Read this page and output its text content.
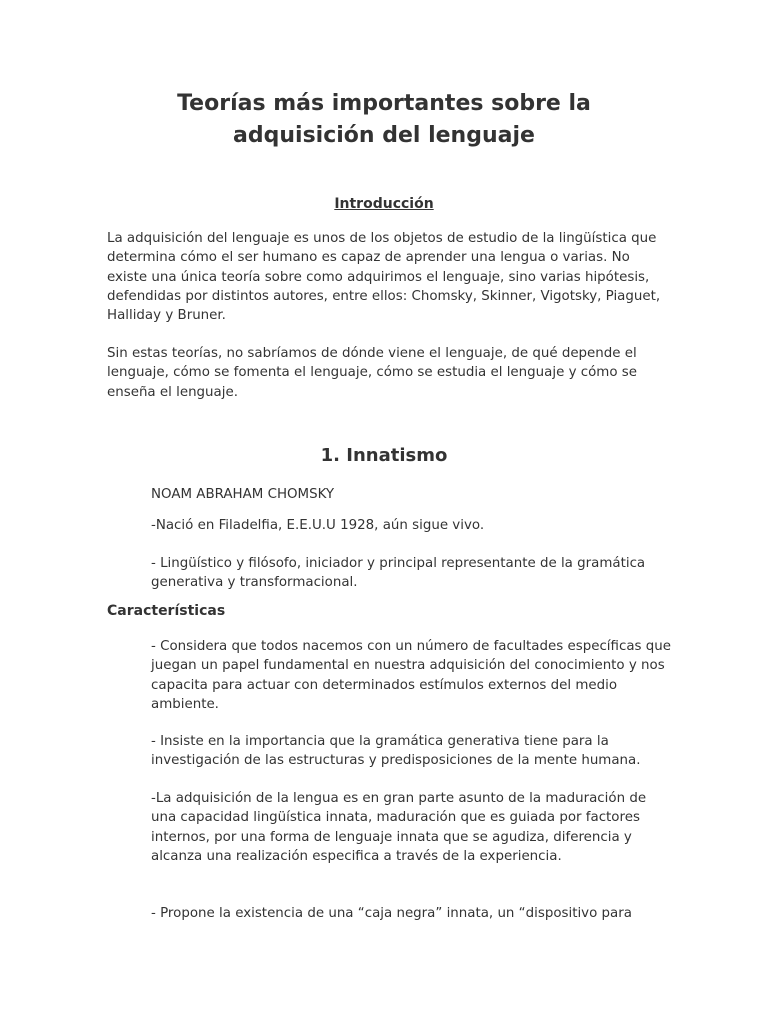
Teorías más importantes sobre la
adquisición del lenguaje
Introducción

La adquisición del lenguaje es unos de los objetos de estudio de la lingüística que determina cómo el ser humano es capaz de aprender una lengua o varias. No existe una única teoría sobre como adquirimos el lenguaje, sino varias hipótesis, defendidas por distintos autores, entre ellos: Chomsky, Skinner, Vigotsky, Piaguet, Halliday y Bruner.

Sin estas teorías, no sabríamos de dónde viene el lenguaje, de qué depende el lenguaje, cómo se fomenta el lenguaje, cómo se estudia el lenguaje y cómo se enseña el lenguaje.

1. Innatismo

NOAM ABRAHAM CHOMSKY

-Nació en Filadelfia, E.E.U.U 1928, aún sigue vivo.

- Lingüístico y filósofo, iniciador y principal representante de la gramática generativa y transformacional.

Características

- Considera que todos nacemos con un número de facultades específicas que juegan un papel fundamental en nuestra adquisición del conocimiento y nos capacita para actuar con determinados estímulos externos del medio ambiente.

- Insiste en la importancia que la gramática generativa tiene para la investigación de las estructuras y predisposiciones de la mente humana.

-La adquisición de la lengua es en gran parte asunto de la maduración de una capacidad lingüística innata, maduración que es guiada por factores internos, por una forma de lenguaje innata que se agudiza, diferencia y alcanza una realización especifica a través de la experiencia.

- Propone la existencia de una “caja negra” innata, un “dispositivo para
